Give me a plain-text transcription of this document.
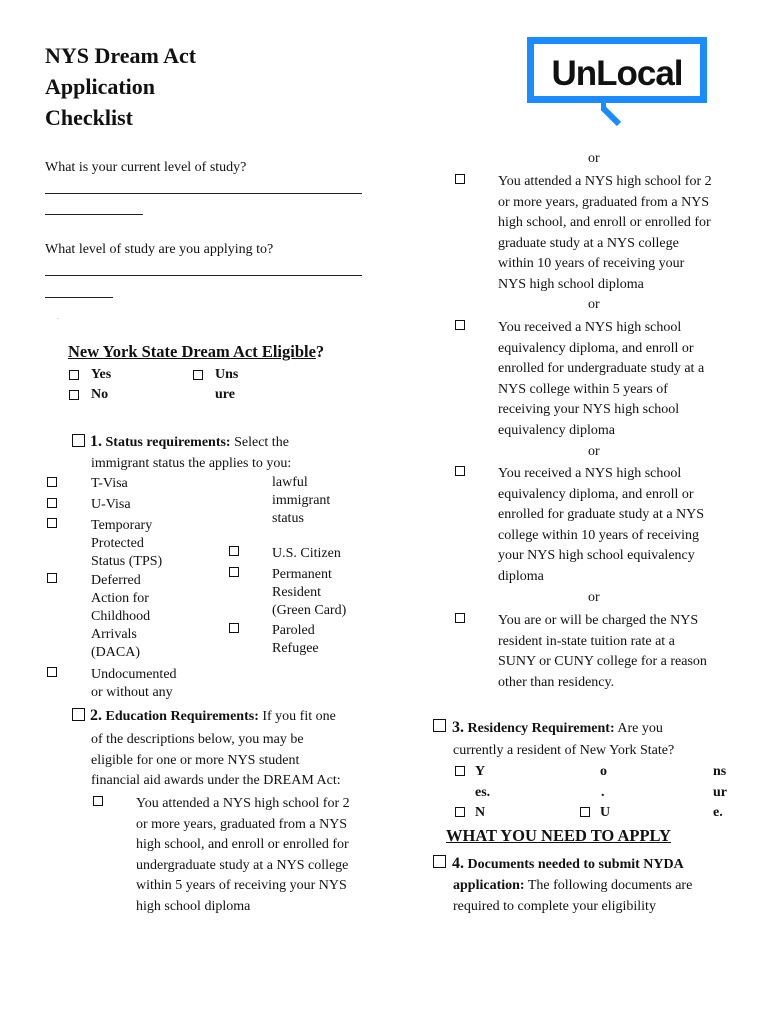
NYS Dream Act
Application
Checklist
UnLocal
What is your current level of study?
What level of study are you applying to?
.
New York State Dream Act Eligible?
Yes
No
Uns
ure
1. Status requirements: Select the
immigrant status the applies to you:
T-Visa
U-Visa
Temporary
Protected
Status (TPS)
Deferred
Action for
Childhood
Arrivals
(DACA)
Undocumented
or without any
lawful
immigrant
status
U.S. Citizen
Permanent
Resident
(Green Card)
Paroled
Refugee
2. Education Requirements: If you fit one
of the descriptions below, you may be
eligible for one or more NYS student
financial aid awards under the DREAM Act:
You attended a NYS high school for 2
or more years, graduated from a NYS
high school, and enroll or enrolled for
undergraduate study at a NYS college
within 5 years of receiving your NYS
high school diploma
or
You attended a NYS high school for 2
or more years, graduated from a NYS
high school, and enroll or enrolled for
graduate study at a NYS college
within 10 years of receiving your
NYS high school diploma
or
You received a NYS high school
equivalency diploma, and enroll or
enrolled for undergraduate study at a
NYS college within 5 years of
receiving your NYS high school
equivalency diploma
or
You received a NYS high school
equivalency diploma, and enroll or
enrolled for graduate study at a NYS
college within 10 years of receiving
your NYS high school equivalency
diploma
or
You are or will be charged the NYS
resident in-state tuition rate at a
SUNY or CUNY college for a reason
other than residency.
3. Residency Requirement: Are you
currently a resident of New York State?
Y
es.
o
.
ns
ur
N	U	e.
WHAT YOU NEED TO APPLY
4. Documents needed to submit NYDA
application: The following documents are
required to complete your eligibility
